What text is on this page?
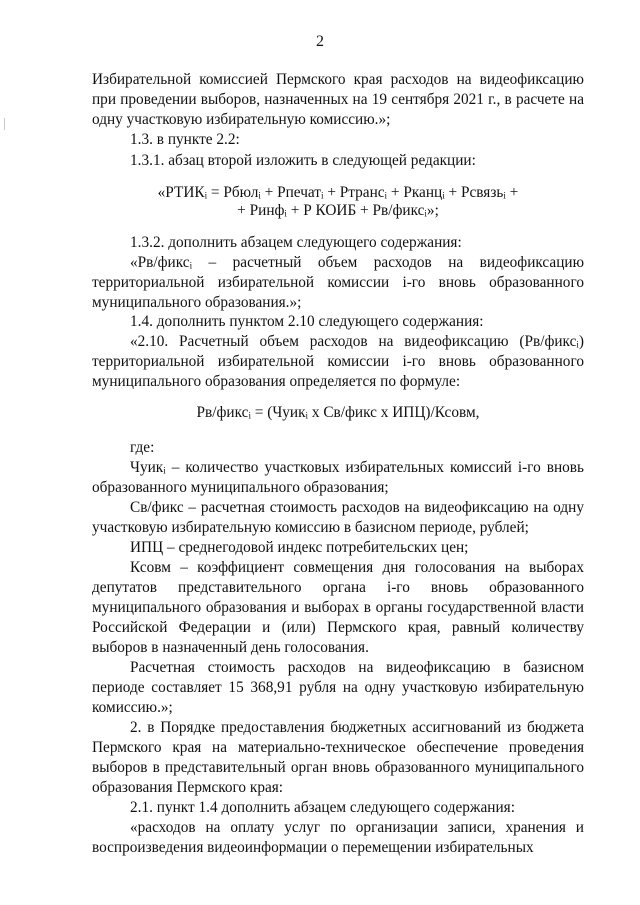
2

Избирательной комиссией Пермского края расходов на видеофиксацию при проведении выборов, назначенных на 19 сентября 2021 г., в расчете на одну участковую избирательную комиссию.»;

1.3. в пункте 2.2:

1.3.1. абзац второй изложить в следующей редакции:

«РТИКᵢ = Рбюлᵢ + Рпечатᵢ + Ртрансᵢ + Рканцᵢ + Рсвязьᵢ +

+ Ринфᵢ + Р КОИБ + Рв/фиксᵢ»;

1.3.2. дополнить абзацем следующего содержания:

«Рв/фиксᵢ – расчетный объем расходов на видеофиксацию территориальной избирательной комиссии i-го вновь образованного муниципального образования.»;

1.4. дополнить пунктом 2.10 следующего содержания:

«2.10. Расчетный объем расходов на видеофиксацию (Рв/фиксᵢ) территориальной избирательной комиссии i-го вновь образованного муниципального образования определяется по формуле:

Рв/фиксᵢ = (Чуикᵢ х Св/фикс х ИПЦ)/Ксовм,

где:

Чуикᵢ – количество участковых избирательных комиссий i-го вновь образованного муниципального образования;

Св/фикс – расчетная стоимость расходов на видеофиксацию на одну участковую избирательную комиссию в базисном периоде, рублей;

ИПЦ – среднегодовой индекс потребительских цен;

Ксовм – коэффициент совмещения дня голосования на выборах депутатов представительного органа i-го вновь образованного муниципального образования и выборах в органы государственной власти Российской Федерации и (или) Пермского края, равный количеству выборов в назначенный день голосования.

Расчетная стоимость расходов на видеофиксацию в базисном периоде составляет 15 368,91 рубля на одну участковую избирательную комиссию.»;

2. в Порядке предоставления бюджетных ассигнований из бюджета Пермского края на материально-техническое обеспечение проведения выборов в представительный орган вновь образованного муниципального образования Пермского края:

2.1. пункт 1.4 дополнить абзацем следующего содержания:

«расходов на оплату услуг по организации записи, хранения и воспроизведения видеоинформации о перемещении избирательных
